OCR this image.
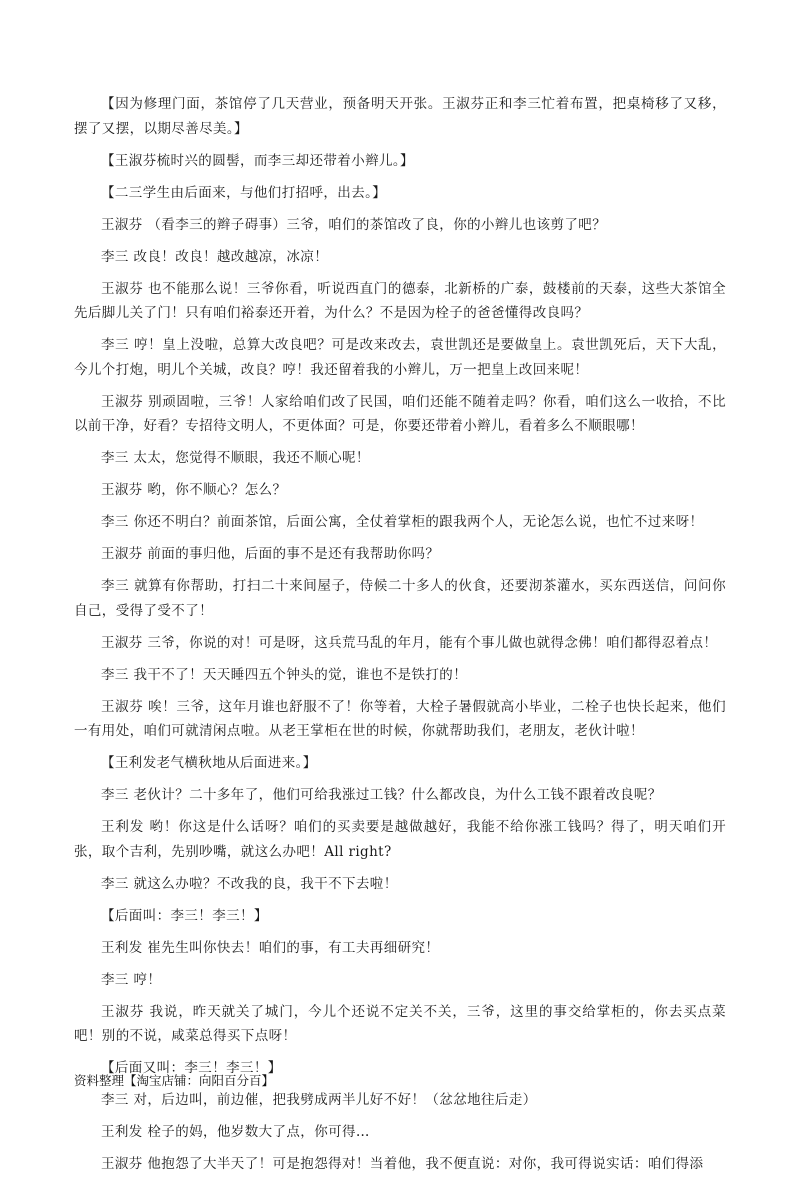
【因为修理门面，茶馆停了几天营业，预备明天开张。王淑芬正和李三忙着布置，把桌椅移了又移，摆了又摆，以期尽善尽美。】

【王淑芬梳时兴的圆髻，而李三却还带着小辫儿。】

【二三学生由后面来，与他们打招呼，出去。】

王淑芬 （看李三的辫子碍事）三爷，咱们的茶馆改了良，你的小辫儿也该剪了吧？

李三 改良！改良！越改越凉，冰凉！

王淑芬 也不能那么说！三爷你看，听说西直门的德泰，北新桥的广泰，鼓楼前的天泰，这些大茶馆全先后脚儿关了门！只有咱们裕泰还开着，为什么？不是因为栓子的爸爸懂得改良吗？

李三 哼！皇上没啦，总算大改良吧？可是改来改去，袁世凯还是要做皇上。袁世凯死后，天下大乱，今儿个打炮，明儿个关城，改良？哼！我还留着我的小辫儿，万一把皇上改回来呢！

王淑芬 别顽固啦，三爷！人家给咱们改了民国，咱们还能不随着走吗？你看，咱们这么一收拾，不比以前干净，好看？专招待文明人，不更体面？可是，你要还带着小辫儿，看着多么不顺眼哪！

李三 太太，您觉得不顺眼，我还不顺心呢！

王淑芬 哟，你不顺心？怎么？

李三 你还不明白？前面茶馆，后面公寓，全仗着掌柜的跟我两个人，无论怎么说，也忙不过来呀！

王淑芬 前面的事归他，后面的事不是还有我帮助你吗？

李三 就算有你帮助，打扫二十来间屋子，侍候二十多人的伙食，还要沏茶灌水，买东西送信，问问你自己，受得了受不了！

王淑芬 三爷，你说的对！可是呀，这兵荒马乱的年月，能有个事儿做也就得念佛！咱们都得忍着点！

李三 我干不了！天天睡四五个钟头的觉，谁也不是铁打的！

王淑芬 唉！三爷，这年月谁也舒服不了！你等着，大栓子暑假就高小毕业，二栓子也快长起来，他们一有用处，咱们可就清闲点啦。从老王掌柜在世的时候，你就帮助我们，老朋友，老伙计啦！

【王利发老气横秋地从后面进来。】

李三 老伙计？二十多年了，他们可给我涨过工钱？什么都改良，为什么工钱不跟着改良呢？

王利发 哟！你这是什么话呀？咱们的买卖要是越做越好，我能不给你涨工钱吗？得了，明天咱们开张，取个吉利，先别吵嘴，就这么办吧！All right?

李三 就这么办啦？不改我的良，我干不下去啦！

【后面叫：李三！李三！】

王利发 崔先生叫你快去！咱们的事，有工夫再细研究！

李三 哼！

王淑芬 我说，昨天就关了城门，今儿个还说不定关不关，三爷，这里的事交给掌柜的，你去买点菜吧！别的不说，咸菜总得买下点呀！

【后面又叫：李三！李三！】

李三 对，后边叫，前边催，把我劈成两半儿好不好！（忿忿地往后走）

王利发 栓子的妈，他岁数大了点，你可得…

王淑芬 他抱怨了大半天了！可是抱怨得对！当着他，我不便直说：对你，我可得说实话：咱们得添

资料整理【淘宝店铺：向阳百分百】
